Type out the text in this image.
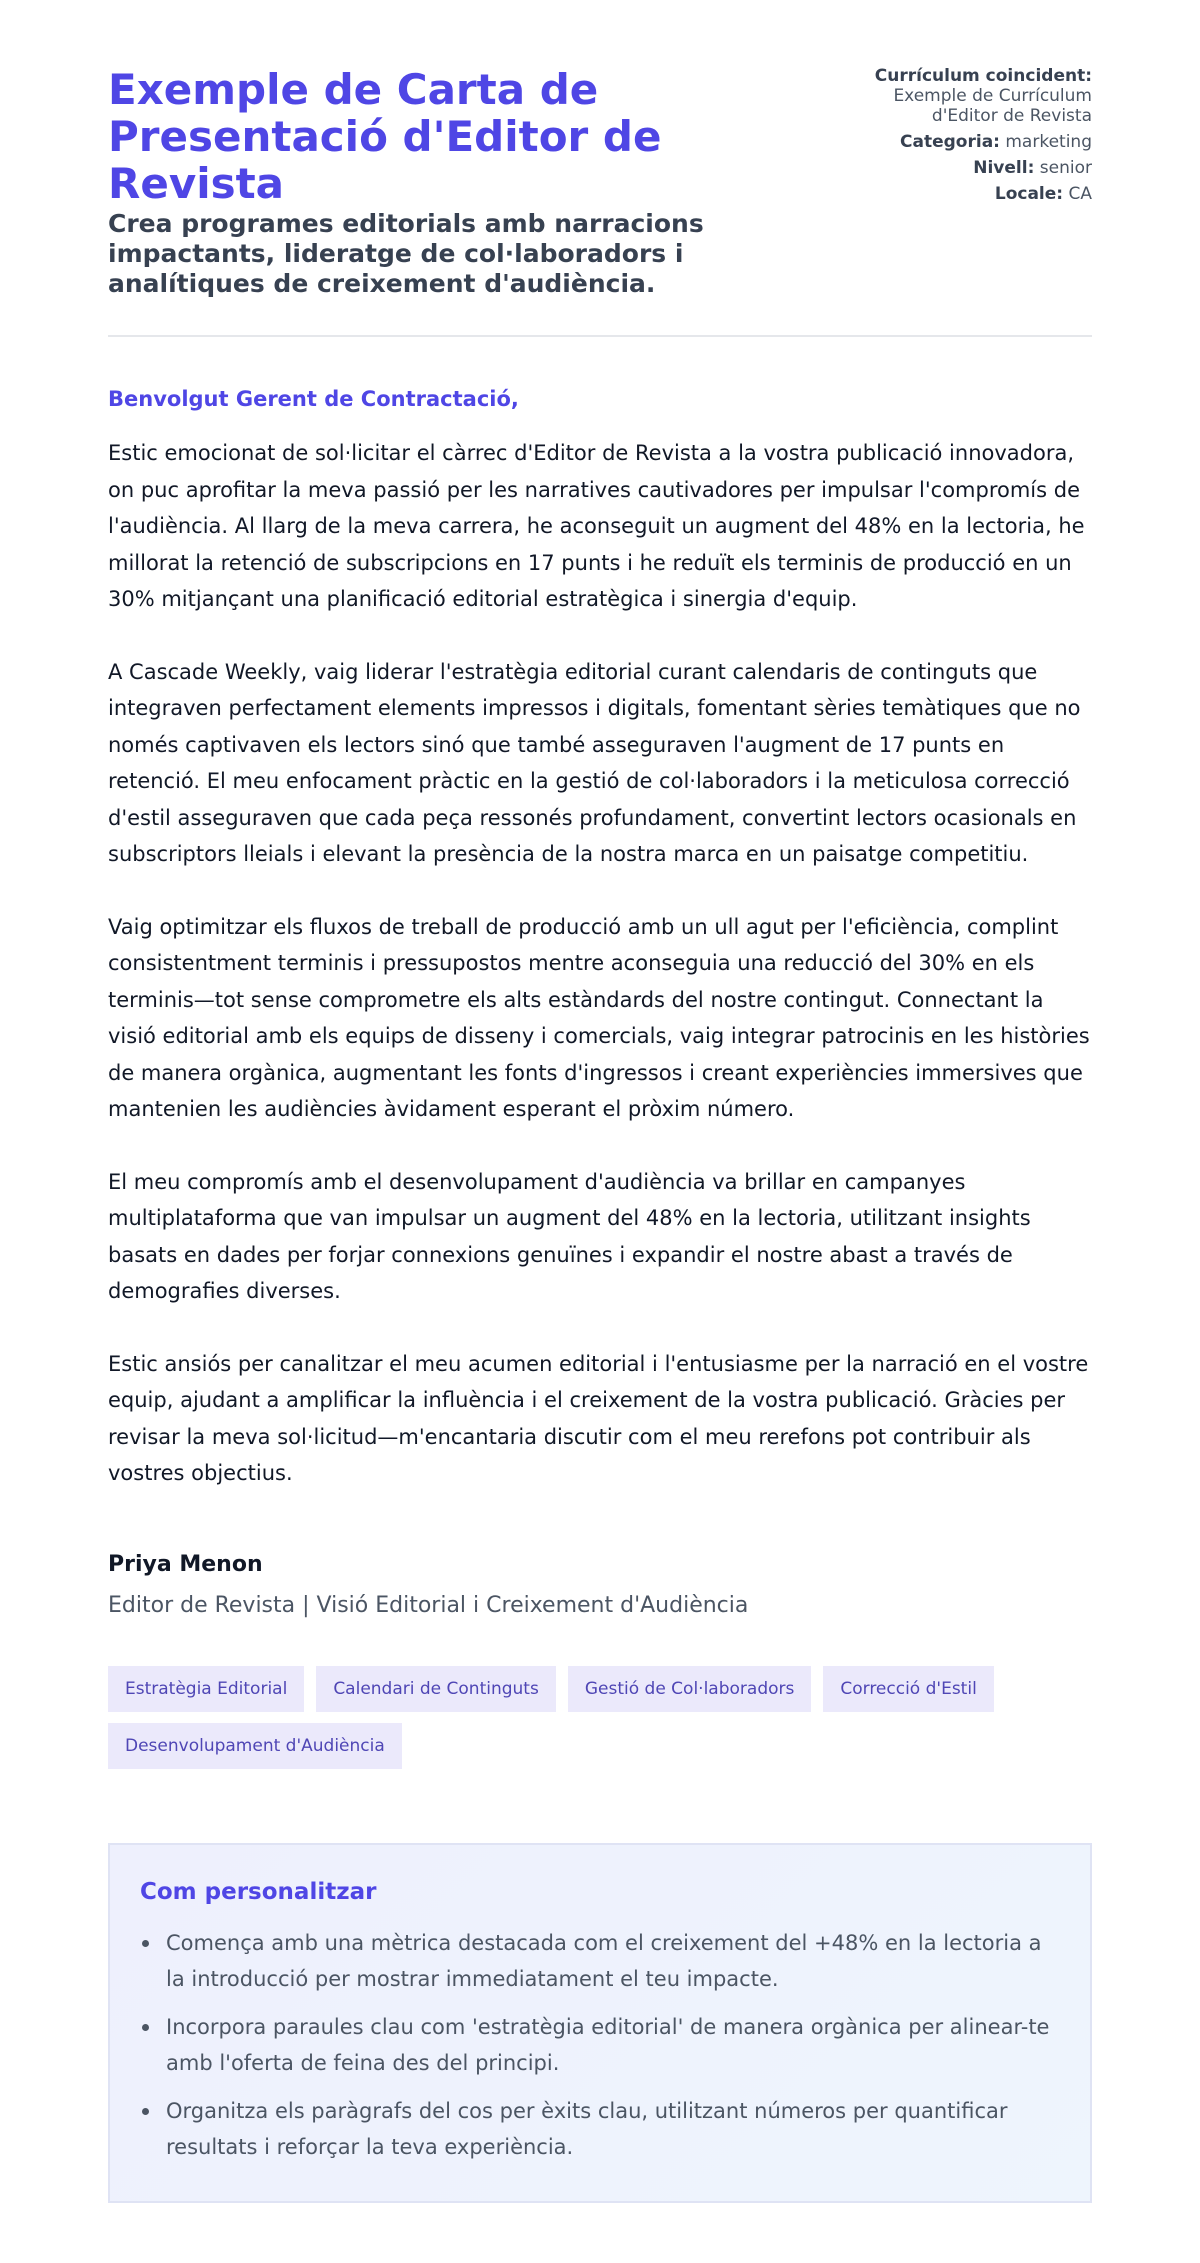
Exemple de Carta de Presentació d'Editor de Revista
Crea programes editorials amb narracions impactants, lideratge de col·laboradors i analítiques de creixement d'audiència.
Currículum coincident:
Exemple de Currículum d'Editor de Revista
Categoria: marketing
Nivell: senior
Locale: CA

Benvolgut Gerent de Contractació,

Estic emocionat de sol·licitar el càrrec d'Editor de Revista a la vostra publicació innovadora, on puc aprofitar la meva passió per les narratives cautivadores per impulsar l'compromís de l'audiència. Al llarg de la meva carrera, he aconseguit un augment del 48% en la lectoria, he millorat la retenció de subscripcions en 17 punts i he reduït els terminis de producció en un 30% mitjançant una planificació editorial estratègica i sinergia d'equip.

A Cascade Weekly, vaig liderar l'estratègia editorial curant calendaris de continguts que integraven perfectament elements impressos i digitals, fomentant sèries temàtiques que no només captivaven els lectors sinó que també asseguraven l'augment de 17 punts en retenció. El meu enfocament pràctic en la gestió de col·laboradors i la meticulosa correcció d'estil asseguraven que cada peça ressonés profundament, convertint lectors ocasionals en subscriptors lleials i elevant la presència de la nostra marca en un paisatge competitiu.

Vaig optimitzar els fluxos de treball de producció amb un ull agut per l'eficiència, complint consistentment terminis i pressupostos mentre aconseguia una reducció del 30% en els terminis—tot sense comprometre els alts estàndards del nostre contingut. Connectant la visió editorial amb els equips de disseny i comercials, vaig integrar patrocinis en les històries de manera orgànica, augmentant les fonts d'ingressos i creant experiències immersives que mantenien les audiències àvidament esperant el pròxim número.

El meu compromís amb el desenvolupament d'audiència va brillar en campanyes multiplataforma que van impulsar un augment del 48% en la lectoria, utilitzant insights basats en dades per forjar connexions genuïnes i expandir el nostre abast a través de demografies diverses.

Estic ansiós per canalitzar el meu acumen editorial i l'entusiasme per la narració en el vostre equip, ajudant a amplificar la influència i el creixement de la vostra publicació. Gràcies per revisar la meva sol·licitud—m'encantaria discutir com el meu rerefons pot contribuir als vostres objectius.

Priya Menon
Editor de Revista | Visió Editorial i Creixement d'Audiència
Estratègia Editorial	Calendari de Continguts	Gestió de Col·laboradors	Correcció d'Estil
Desenvolupament d'Audiència
Com personalitzar
Comença amb una mètrica destacada com el creixement del +48% en la lectoria a la introducció per mostrar immediatament el teu impacte.
Incorpora paraules clau com 'estratègia editorial' de manera orgànica per alinear-te amb l'oferta de feina des del principi.
Organitza els paràgrafs del cos per èxits clau, utilitzant números per quantificar resultats i reforçar la teva experiència.
